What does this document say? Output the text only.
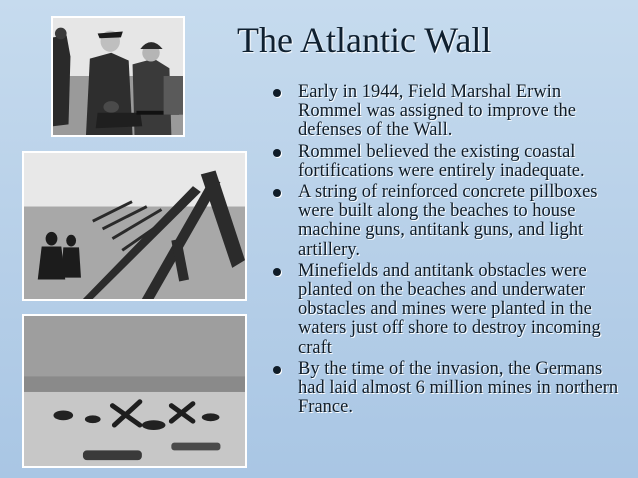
The Atlantic Wall
Early in 1944, Field Marshal Erwin Rommel was assigned to improve the defenses of the Wall.
Rommel believed the existing coastal fortifications were entirely inadequate.
A string of reinforced concrete pillboxes were built along the beaches to house machine guns, antitank guns, and light artillery.
Minefields and antitank obstacles were planted on the beaches and underwater obstacles and mines were planted in the waters just off shore to destroy incoming craft
By the time of the invasion, the Germans had laid almost 6 million mines in northern France.
